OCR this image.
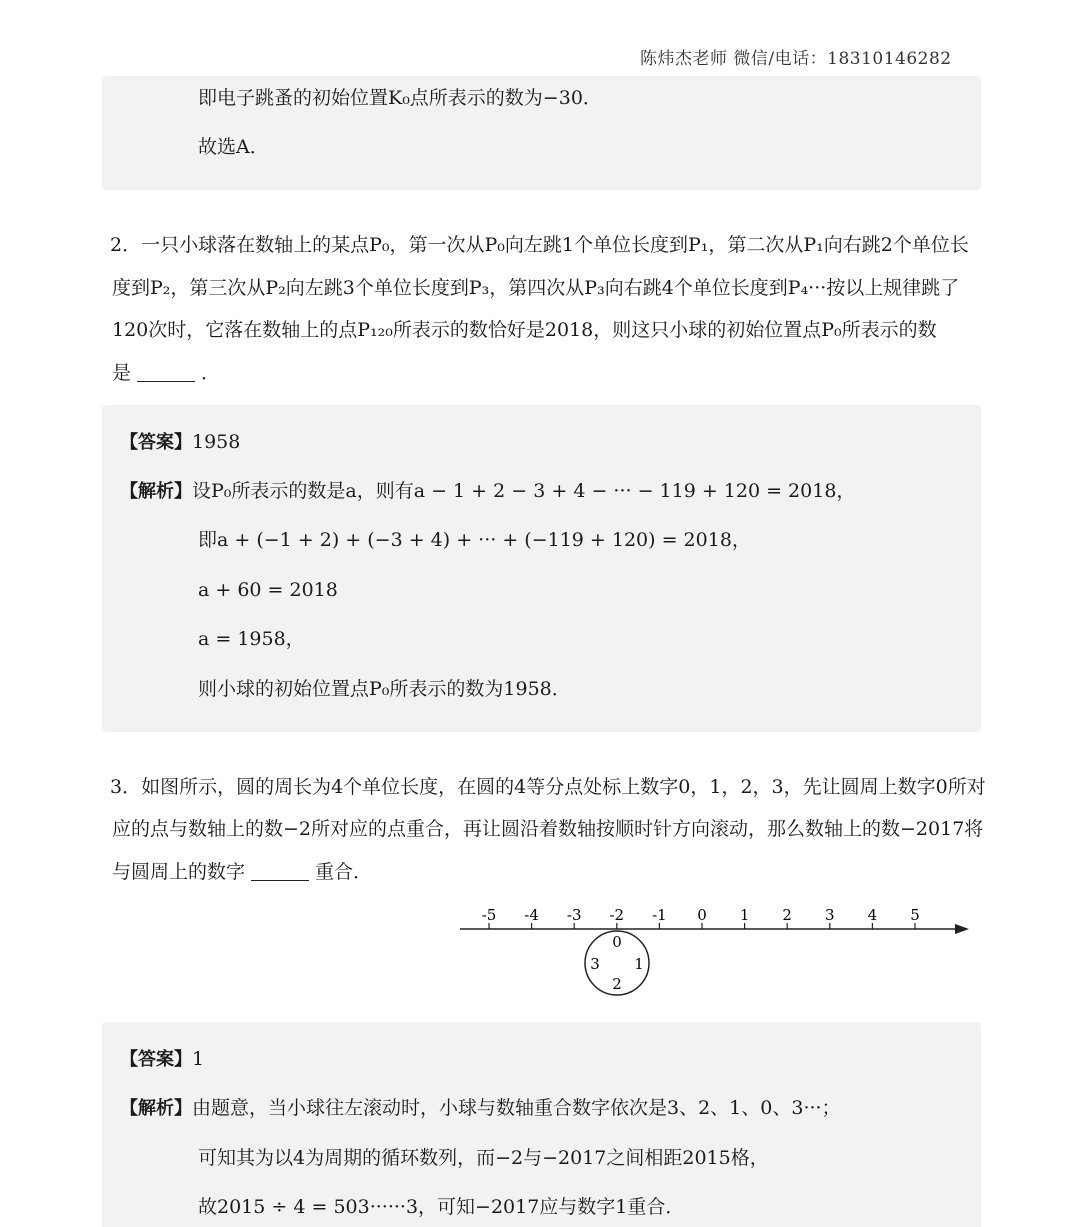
陈炜杰老师 微信/电话：18310146282
即电子跳蚤的初始位置K₀点所表示的数为−30．
故选A．
2．一只小球落在数轴上的某点P₀，第一次从P₀向左跳1个单位长度到P₁，第二次从P₁向右跳2个单位长
度到P₂，第三次从P₂向左跳3个单位长度到P₃，第四次从P₃向右跳4个单位长度到P₄···按以上规律跳了
120次时，它落在数轴上的点P₁₂₀所表示的数恰好是2018，则这只小球的初始位置点P₀所表示的数
是	．
【答案】1958
【解析】设P₀所表示的数是a，则有a − 1 + 2 − 3 + 4 − ··· − 119 + 120 = 2018，
即a + (−1 + 2) + (−3 + 4) + ··· + (−119 + 120) = 2018，
a + 60 = 2018
a = 1958，
则小球的初始位置点P₀所表示的数为1958．
3．如图所示，圆的周长为4个单位长度，在圆的4等分点处标上数字0，1，2，3，先让圆周上数字0所对
应的点与数轴上的数−2所对应的点重合，再让圆沿着数轴按顺时针方向滚动，那么数轴上的数−2017将
与圆周上的数字	重合．
-5 -4 -3 -2 -1 0 1 2 3 4 5
0
1
2
3
【答案】1
【解析】由题意，当小球往左滚动时，小球与数轴重合数字依次是3、2、1、0、3···；
可知其为以4为周期的循环数列，而−2与−2017之间相距2015格，
故2015 ÷ 4 = 503······3，可知−2017应与数字1重合．
